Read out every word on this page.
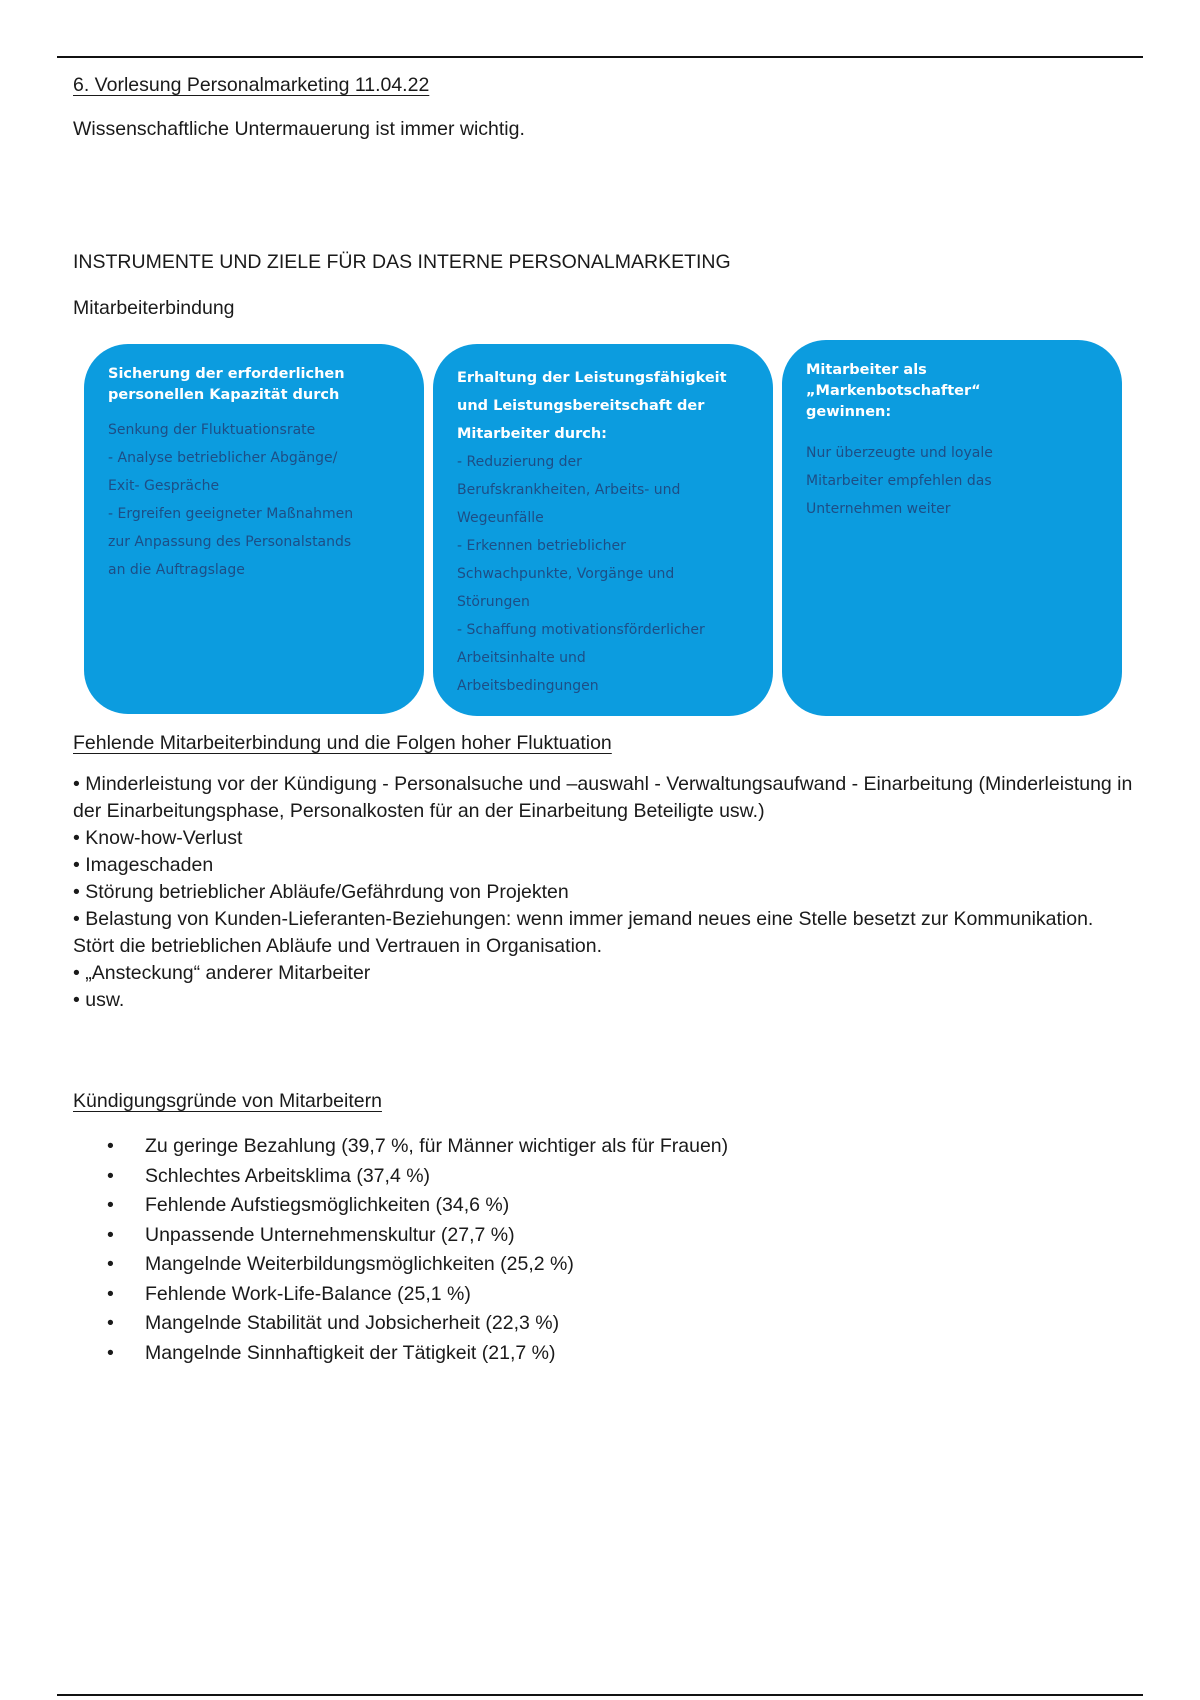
6. Vorlesung Personalmarketing 11.04.22

Wissenschaftliche Untermauerung ist immer wichtig.

INSTRUMENTE UND ZIELE FÜR DAS INTERNE PERSONALMARKETING

Mitarbeiterbindung

Sicherung der erforderlichen
personellen Kapazität durch
Senkung der Fluktuationsrate
- Analyse betrieblicher Abgänge/
Exit- Gespräche
- Ergreifen geeigneter Maßnahmen
zur Anpassung des Personalstands
an die Auftragslage
Erhaltung der Leistungsfähigkeit
und Leistungsbereitschaft der
Mitarbeiter durch:
- Reduzierung der
Berufskrankheiten, Arbeits- und
Wegeunfälle
- Erkennen betrieblicher
Schwachpunkte, Vorgänge und
Störungen
- Schaffung motivationsförderlicher
Arbeitsinhalte und
Arbeitsbedingungen
Mitarbeiter als
„Markenbotschafter“
gewinnen:
Nur überzeugte und loyale
Mitarbeiter empfehlen das
Unternehmen weiter
Fehlende Mitarbeiterbindung und die Folgen hoher Fluktuation

• Minderleistung vor der Kündigung - Personalsuche und –auswahl - Verwaltungsaufwand - Einarbeitung (Minderleistung in der Einarbeitungsphase, Personalkosten für an der Einarbeitung Beteiligte usw.)

• Know-how-Verlust

• Imageschaden

• Störung betrieblicher Abläufe/Gefährdung von Projekten

• Belastung von Kunden-Lieferanten-Beziehungen: wenn immer jemand neues eine Stelle besetzt zur Kommunikation. Stört die betrieblichen Abläufe und Vertrauen in Organisation.

• „Ansteckung“ anderer Mitarbeiter

• usw.

Kündigungsgründe von Mitarbeitern
• Zu geringe Bezahlung (39,7 %, für Männer wichtiger als für Frauen)
• Schlechtes Arbeitsklima (37,4 %)
• Fehlende Aufstiegsmöglichkeiten (34,6 %)
• Unpassende Unternehmenskultur (27,7 %)
• Mangelnde Weiterbildungsmöglichkeiten (25,2 %)
• Fehlende Work-Life-Balance (25,1 %)
• Mangelnde Stabilität und Jobsicherheit (22,3 %)
• Mangelnde Sinnhaftigkeit der Tätigkeit (21,7 %)
